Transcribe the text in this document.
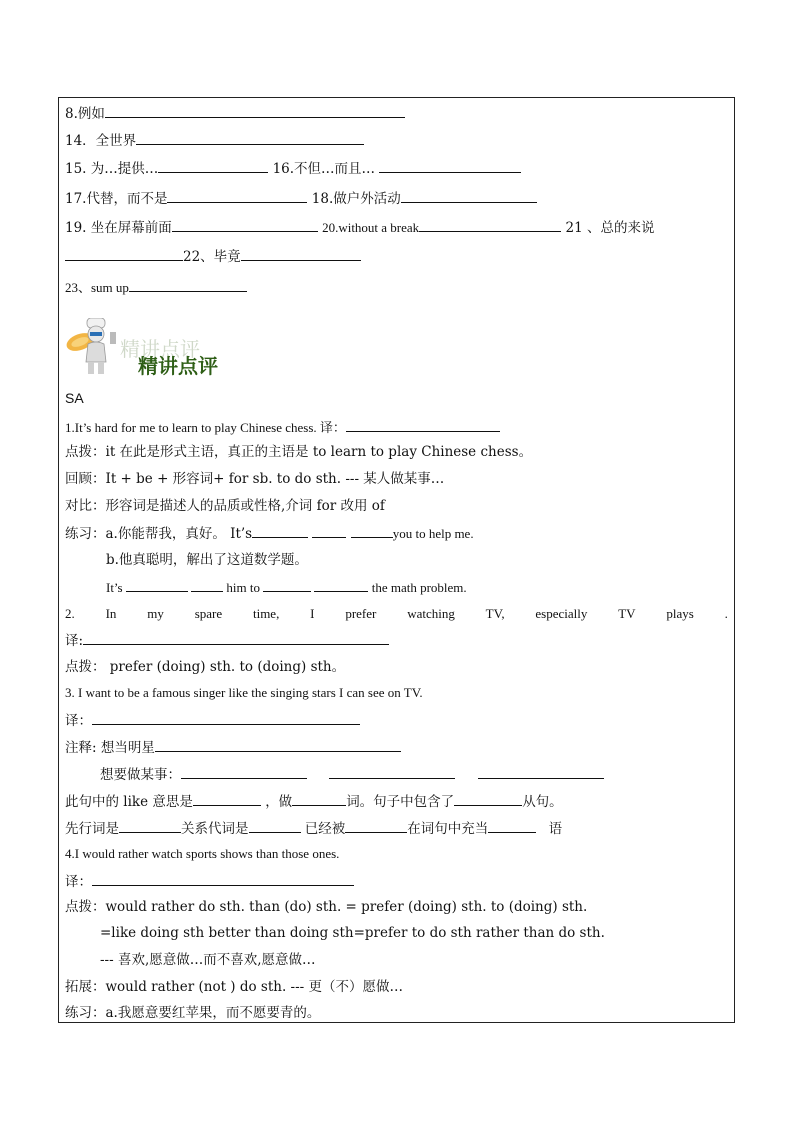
8.例如
14．全世界
15. 为…提供…	16.不但…而且…
17.代替，而不是	18.做户外活动
19. 坐在屏幕前面	20.without a break	21 、总的来说
22、毕竟
23、sum up
精讲点评
精讲点评
SA
1.It’s hard for me to learn to play Chinese chess. 译：
点拨：it 在此是形式主语，真正的主语是 to learn to play Chinese chess。
回顾：It + be + 形容词+ for sb. to do sth. --- 某人做某事…
对比：形容词是描述人的品质或性格,介词 for 改用 of
练习：a.你能帮我，真好。 It’s	you to help me.
b.他真聪明，解出了这道数学题。
It’s	him to	the math problem.
2. In my spare time, I prefer watching TV, especially TV plays .
译:
点拨： prefer (doing) sth. to (doing) sth。
3. I want to be a famous singer like the singing stars I can see on TV.
译：
注释: 想当明星
想要做某事：
此句中的 like 意思是	，做	词。句子中包含了	从句。
先行词是	关系代词是	已经被	在词句中充当	语
4.I would rather watch sports shows than those ones.
译：
点拨：would rather do sth. than (do) sth. = prefer (doing) sth. to (doing) sth.
=like doing sth better than doing sth=prefer to do sth rather than do sth.
--- 喜欢,愿意做…而不喜欢,愿意做…
拓展：would rather (not ) do sth. --- 更（不）愿做…
练习：a.我愿意要红苹果，而不愿要青的。
